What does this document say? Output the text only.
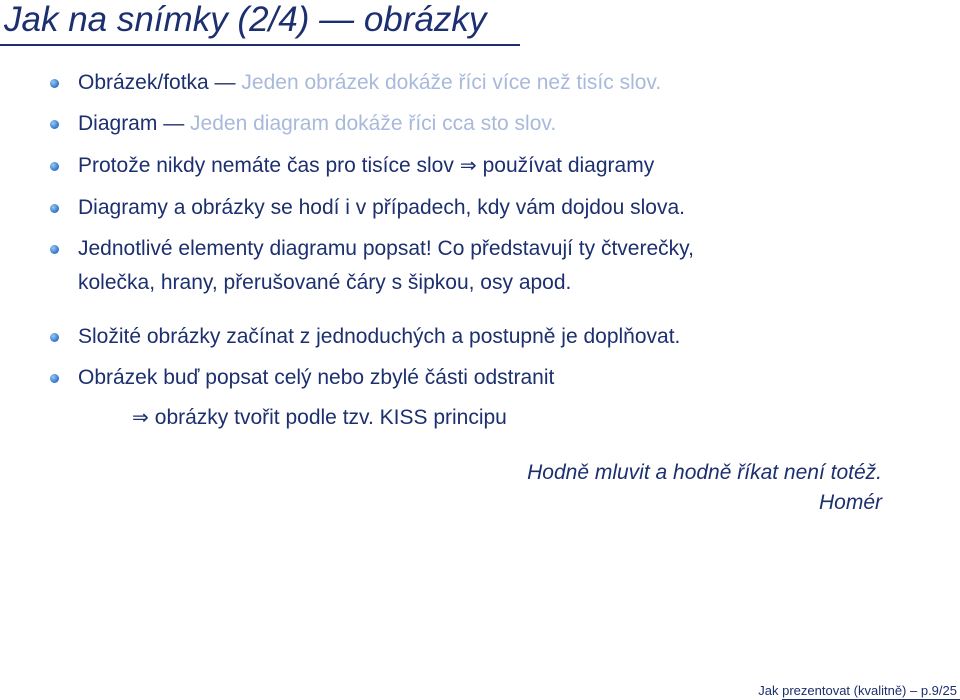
Jak na snímky (2/4) — obrázky
Obrázek/fotka — Jeden obrázek dokáže říci více než tisíc slov.
Diagram — Jeden diagram dokáže říci cca sto slov.
Protože nikdy nemáte čas pro tisíce slov ⇒ používat diagramy
Diagramy a obrázky se hodí i v případech, kdy vám dojdou slova.
Jednotlivé elementy diagramu popsat! Co představují ty čtverečky,
kolečka, hrany, přerušované čáry s šipkou, osy apod.
Složité obrázky začínat z jednoduchých a postupně je doplňovat.
Obrázek buď popsat celý nebo zbylé části odstranit
⇒ obrázky tvořit podle tzv. KISS principu
Hodně mluvit a hodně říkat není totéž.
Homér
Jak prezentovat (kvalitně) – p.9/25
